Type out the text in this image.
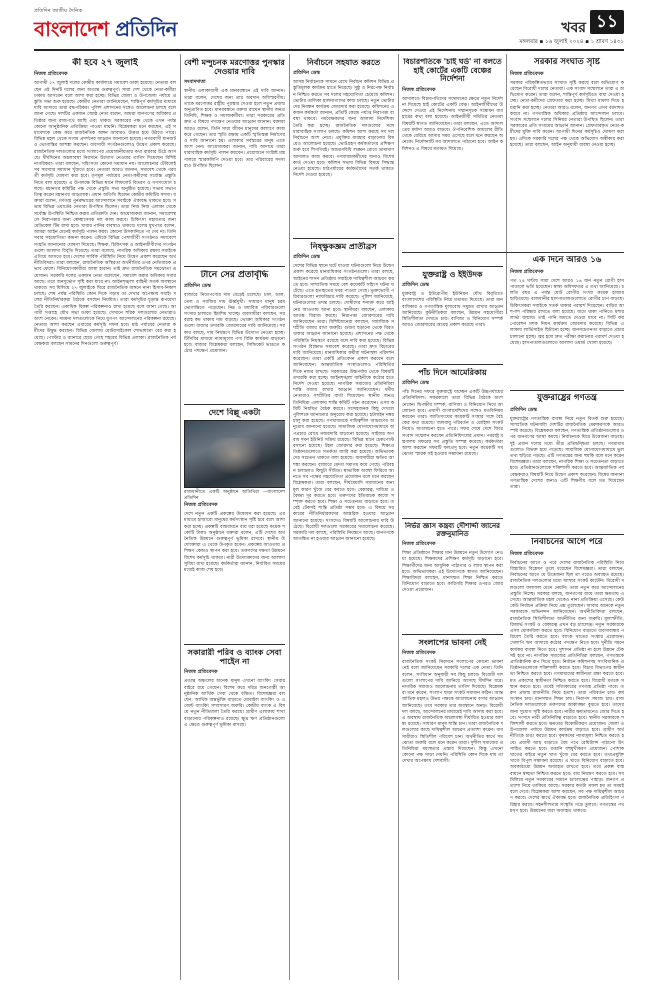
প্রতিদিন জাতীয় দৈনিক
বাংলাদেশ প্রতিদিন	খবর ১১
মঙ্গলবার ▪ ১৬ জুলাই ২০২৪ ▪ ১ শ্রাবণ ১৪৩১
কী হবে ২৭ জুলাই
নিজস্ব প্রতিবেদক

আগামী ২৭ জুলাই দলের কেন্দ্রীয় কার্যালয়ে সমাবেশ ডাকা হয়েছে। নেতারা বলছেন এই দিনটি দলের জন্য অত্যন্ত গুরুত্বপূর্ণ। সারা দেশ থেকে নেতা-কর্মীরা ঢাকায় আসবেন বলে আশা করা হচ্ছে। বিভিন্ন জেলা ও উপজেলা পর্যায়ে প্রস্তুতি সভা শুরু হয়েছে। কেন্দ্রীয় নেতারা জানিয়েছেন, শান্তিপূর্ণ কর্মসূচির মাধ্যমে দাবি আদায়ে তারা বদ্ধপরিকর। পুলিশ প্রশাসনের সঙ্গেও আলোচনা চলছে বলে জানা গেছে। দলটির একজন জ্যেষ্ঠ নেতা বলেন, আমরা জনগণের অধিকার প্রতিষ্ঠার জন্য রাজপথে আছি এবং থাকব। সরকারের পক্ষ থেকে এখন পর্যন্ত কোনো আনুষ্ঠানিক প্রতিক্রিয়া পাওয়া যায়নি। বিশ্লেষকরা মনে করছেন, এই সমাবেশকে কেন্দ্র করে রাজনৈতিক অঙ্গন আবারও উত্তপ্ত হয়ে উঠতে পারে। বিভিন্ন মহল থেকে সংযম প্রদর্শনের আহ্বান জানানো হয়েছে। নগরবাসী যানজট ও ভোগান্তির আশঙ্কা করছেন। ব্যবসায়ী সংগঠনগুলোও উদ্বেগ প্রকাশ করেছে। রাজনৈতিক দলগুলোর মধ্যে সংলাপের প্রয়োজনীয়তার কথা বারবার উঠে আসছে। দীর্ঘদিনের অচলাবস্থা নিরসনে উদ্যোগ নেওয়ার তাগিদ দিয়েছেন বিশিষ্ট নাগরিকরা। তারা বলছেন, সহিংসতা কোনো সমাধান নয়। আলোচনার টেবিলেই সব সমস্যার সমাধান খুঁজতে হবে। নেতারা আরও জানান, সমাবেশ থেকে পরবর্তী কর্মসূচি ঘোষণা করা হবে। তৃণমূল পর্যায়ের নেতা-কর্মীদের সর্বোচ্চ প্রস্তুতি নিতে বলা হয়েছে। এ উপলক্ষে বিভিন্ন স্থানে লিফলেট বিতরণ ও গণসংযোগ চলছে। মহানগর কমিটির পক্ষ থেকে প্রস্তুতি সভা অনুষ্ঠিত হয়েছে। সভায় সভাপতিত্ব করেন মহানগর আহ্বায়ক। প্রধান অতিথি ছিলেন কেন্দ্রীয় কমিটির সদস্য। বক্তারা বলেন, গণতন্ত্র পুনরুদ্ধারের আন্দোলনে সবাইকে ঐক্যবদ্ধ থাকতে হবে। সভায় বিভিন্ন ওয়ার্ডের নেতারা উপস্থিত ছিলেন। তারা নিজ নিজ এলাকা থেকে সর্বোচ্চ উপস্থিতি নিশ্চিত করার প্রতিশ্রুতি দেন। আয়োজকরা জানান, সমাবেশস্থলে নিরাপত্তার জন্য স্বেচ্ছাসেবক দল কাজ করবে। চিকিৎসা সহায়তার জন্য মেডিকেল টিম রাখা হবে। খাবার পানির ব্যবস্থাও থাকবে। দলের মুখপাত্র বলেন, আমরা আইন মেনেই কর্মসূচি পালন করব। কোনো উসকানিতে পা দেব না। তিনি সবার সহযোগিতা কামনা করেন। এদিকে বিভিন্ন পেশাজীবী সংগঠনও সমাবেশে সংহতি জানানোর ঘোষণা দিয়েছে। শিক্ষক, চিকিৎসক ও আইনজীবীদের সংগঠনগুলো আলাদা বিবৃতি দিয়েছে। তারা বলেছে, নাগরিক অধিকার রক্ষায় সবাইকে এগিয়ে আসতে হবে। দেশের সার্বিক পরিস্থিতি নিয়ে উদ্বেগ প্রকাশ করেছেন অর্থনীতিবিদরা। তারা বলছেন, রাজনৈতিক অস্থিরতা অর্থনীতির ওপর নেতিবাচক প্রভাব ফেলে। বিনিয়োগকারীরা আস্থা হারান। তাই দ্রুত রাজনৈতিক সমঝোতা প্রয়োজন। সরকারি দলের একজন নেতা বলেছেন, সমাবেশ করার অধিকার সবার আছে। তবে জনদুর্ভোগ সৃষ্টি করা যাবে না। আইনশৃঙ্খলা বাহিনী সতর্ক অবস্থানে থাকবে। সব মিলিয়ে ২৭ জুলাইকে ঘিরে রাজনৈতিক অঙ্গনে নানা হিসাব-নিকাশ চলছে। শেষ পর্যন্ত পরিস্থিতি কোন দিকে গড়ায় তা দেখার অপেক্ষায় সবাই। দলের নীতিনির্ধারকরা বৈঠকে বসছেন নিয়মিত। তারা কর্মসূচির চূড়ান্ত রূপরেখা তৈরি করছেন। একাধিক বিকল্প পরিকল্পনাও রাখা হয়েছে বলে জানা গেছে। আগামী সপ্তাহে যৌথ সভা ডাকা হয়েছে। সেখানে শরিক দলগুলোর নেতারাও অংশ নেবেন। সমমনা দলগুলোকে নিয়ে যুগপৎ আন্দোলনের পরিকল্পনা রয়েছে। নেতারা আশা করছেন এবারের কর্মসূচি সফল হবে। মাঠ পর্যায়ের নেতারা কর্মীদের উদ্বুদ্ধ করছেন। বিভিন্ন জেলায় মোটরসাইকেল শোভাযাত্রা বের করা হয়েছে। পোস্টার ও ব্যানারে ছেয়ে গেছে শহরের বিভিন্ন এলাকা। রাজনৈতিক পর্যবেক্ষকরা বলছেন সামনের দিনগুলো গুরুত্বপূর্ণ।

বেশী মন্দুচনক মরণোত্তর পুনস্কার দেওয়ার দাবি
সংবাদদাতা

স্থানীয় এলাকাবাসী এক মানববন্ধনে এই দাবি জানান। তারা বলেন, দেশের জন্য তার অবদান অবিস্মরণীয়। তাকে মরণোত্তর রাষ্ট্রীয় পুরস্কার দেওয়া হলে নতুন প্রজন্ম অনুপ্রাণিত হবে। মানববন্ধনে বক্তব্য রাখেন স্থানীয় জনপ্রতিনিধি, শিক্ষক ও সমাজকর্মীরা। তারা সরকারের প্রতি দ্রুত এ বিষয়ে পদক্ষেপ নেওয়ার আহ্বান জানান। বক্তারা আরও বলেন, তিনি সারা জীবন মানুষের কল্যাণে কাজ করে গেছেন। তার স্মৃতি রক্ষায় একটি স্মৃতিস্তম্ভ নির্মাণেরও দাবি জানানো হয়। এলাকার সর্বস্তরের মানুষ এতে অংশ নেন। আয়োজকরা জানান, দাবি আদায়ে তারা ধারাবাহিক কর্মসূচি পালন করবেন। প্রয়োজনে সংশ্লিষ্ট মন্ত্রণালয়ে স্মারকলিপি দেওয়া হবে। তার পরিবারের সদস্যরাও উপস্থিত ছিলেন।

টানে সের প্রতাৰ্বৃদ্ধি
প্রতিদিন ডেস্ক

বাজারে নিত্যপণ্যের দাম বেড়েই চলেছে। চাল, ডাল, তেল ও সবজির দাম ঊর্ধ্বমুখী। সাধারণ মানুষ চরম ভোগান্তিতে পড়েছেন। নিম্ন ও মধ্যবিত্ত পরিবারগুলো সংসার চালাতে হিমশিম খাচ্ছে। ব্যবসায়ীরা বলছেন, সরবরাহ কম থাকায় দাম বাড়ছে। ভোক্তা অধিকার সংগঠনগুলো বাজার তদারকি জোরদারের দাবি জানিয়েছে। সরকার বলছে, দাম নিয়ন্ত্রণে বিভিন্ন উদ্যোগ নেওয়া হচ্ছে। টিসিবির মাধ্যমে ন্যায্যমূল্যে পণ্য বিক্রি কার্যক্রম বাড়ানো হবে। বাজার বিশ্লেষকরা বলছেন, সিন্ডিকেট ভাঙতে কঠোর পদক্ষেপ প্রয়োজন।

দেশে বিল্লূ একটা
রাজধানীতে একটি অনুষ্ঠানে অতিথিরা —বাংলাদেশ প্রতিদিন
নিজস্ব প্রতিবেদক

দেশে নতুন একটি প্রকল্পের উদ্বোধন করা হয়েছে। এর মাধ্যমে হাজারো মানুষের কর্মসংস্থান সৃষ্টি হবে বলে আশা করা হচ্ছে। প্রকল্পটি বাস্তবায়নে ব্যয় ধরা হয়েছে কয়েক শ কোটি টাকা। অনুষ্ঠানে বক্তারা বলেন, এটি দেশের অর্থনৈতিক উন্নয়নে গুরুত্বপূর্ণ ভূমিকা রাখবে। স্থানীয় উদ্যোক্তারা এ থেকে উপকৃত হবেন। প্রকল্পের আওতায় প্রশিক্ষণ কেন্দ্রও স্থাপন করা হবে। তরুণদের দক্ষতা উন্নয়নে বিশেষ কর্মসূচি থাকবে। নারী উদ্যোক্তাদের জন্য আলাদা সুবিধা রাখা হয়েছে। কর্মকর্তারা জানান, নির্ধারিত সময়ের মধ্যেই কাজ শেষ হবে।

সকারারী পরিব ও ব্যাংক সেবা পাইেন না
নিজস্ব প্রতিবেদক

প্রত্যন্ত অঞ্চলের অনেক মানুষ এখনো ব্যাংকিং সেবার বাইরে রয়ে গেছেন। বিশেষ করে দরিদ্র জনগোষ্ঠী আনুষ্ঠানিক আর্থিক সেবা থেকে বঞ্চিত। বিশেষজ্ঞরা বলছেন, আর্থিক অন্তর্ভুক্তি বাড়াতে মোবাইল ব্যাংকিং ও এজেন্ট ব্যাংকিং সম্প্রসারণ জরুরি। কেন্দ্রীয় ব্যাংক এ বিষয়ে নতুন নীতিমালা তৈরি করছে। গ্রামীণ এলাকায় শাখা বাড়ানোর পরিকল্পনাও রয়েছে। ক্ষুদ্র ঋণ প্রতিষ্ঠানগুলো এ ক্ষেত্রে গুরুত্বপূর্ণ ভূমিকা রাখছে।

নির্বাচনে সহযাত করতে
প্রতিদিন ডেস্ক

আসন্ন নির্বাচনকে সামনে রেখে নির্বাচন কমিশন বিভিন্ন প্রস্তুতিমূলক কার্যক্রম হাতে নিয়েছে। সুষ্ঠু ও নিরপেক্ষ নির্বাচন নিশ্চিত করতে সব দলের সহযোগিতা চেয়েছে কমিশন। ভোটার তালিকা হালনাগাদের কাজ চলছে। নতুন ভোটারদের নিবন্ধন কার্যক্রম জোরদার করা হয়েছে। কমিশনের একজন কর্মকর্তা জানান, প্রতিটি কেন্দ্রে পর্যাপ্ত নিরাপত্তা ব্যবস্থা থাকবে। পর্যবেক্ষকদের জন্য আলাদা নির্দেশিকা তৈরি করা হচ্ছে। রাজনৈতিক দলগুলোর সঙ্গে ধারাবাহিক সংলাপ চলছে। কমিশন আশা করছে সব দল নির্বাচনে অংশ নেবে। প্রযুক্তির ব্যবহার বাড়ানোর বিষয়েও আলোচনা হয়েছে। ভোটগ্রহণ কর্মকর্তাদের প্রশিক্ষণ শুরু হবে শিগগিরই। আচরণবিধি লঙ্ঘন রোধে ভ্রাম্যমাণ আদালত কাজ করবে। গণমাধ্যমকর্মীদের জন্যও বিশেষ কার্ড দেওয়া হবে। কমিশন সভায় বিভিন্ন বিষয়ে সিদ্ধান্ত নেওয়া হয়েছে। মাঠপর্যায়ের কর্মকর্তাদের সতর্ক থাকতে নির্দেশ দেওয়া হয়েছে।

নিষ্ক্ষুকজ্ঞম প্রাতীব্রস
প্রতিদিন ডেস্ক

দেশের বিভিন্ন স্থানে ঘটে যাওয়া ঘটনাগুলো নিয়ে উদ্বেগ প্রকাশ করেছে মানবাধিকার সংগঠনগুলো। তারা বলছে, আইনের শাসন প্রতিষ্ঠায় সবাইকে দায়িত্বশীল আচরণ করতে হবে। সাম্প্রতিক সময়ে বেশ কয়েকটি সহিংস ঘটনা ঘটেছে। এতে হতাহতের খবর পাওয়া গেছে। ভুক্তভোগী পরিবারগুলো ন্যায়বিচার দাবি করেছে। পুলিশ জানিয়েছে, ঘটনাগুলোর তদন্ত চলছে। দোষীদের শনাক্ত করে আইনের আওতায় আনা হবে। স্থানীয়রা বলছেন, এলাকায় আতঙ্ক বিরাজ করছে। নিরাপত্তা জোরদারের দাবি জানিয়েছেন তারা। বিশিষ্টজনেরা বলছেন, সামাজিক সম্প্রীতি বজায় রাখা জরুরি। গুজব ছড়ানো থেকে বিরত থাকার আহ্বান জানানো হয়েছে। প্রশাসনের পক্ষ থেকে পরিস্থিতি নিয়ন্ত্রণে রয়েছে বলে দাবি করা হয়েছে। বিভিন্ন সংগঠন বিক্ষোভ সমাবেশ করেছে। তারা দ্রুত বিচারের দাবি জানিয়েছে। মানবাধিকার কর্মীরা ঘটনাস্থল পরিদর্শন করেছেন। তারা একটি প্রতিবেদন প্রকাশ করবেন বলে জানিয়েছেন। আন্তর্জাতিক সংস্থাগুলোও পরিস্থিতির দিকে নজর রাখছে। সরকারের উচ্চপর্যায় থেকে বিষয়টি তদারকি করা হচ্ছে। আইনশৃঙ্খলা বাহিনীকে কঠোর হতে নির্দেশ দেওয়া হয়েছে। নাগরিক সমাজের প্রতিনিধিরা শান্তি বজায় রাখার আহ্বান জানিয়েছেন। ধর্মীয় নেতারাও সম্প্রীতির বার্তা দিয়েছেন। স্থানীয় জনপ্রতিনিধিরা এলাকায় শান্তি কমিটি গঠন করেছেন। এসব কমিটি নিয়মিত বৈঠক করবে। সন্দেহজনক কিছু দেখলে পুলিশকে জানানোর অনুরোধ করা হয়েছে। হটলাইন নম্বর চালু করা হয়েছে। গণমাধ্যমকে দায়িত্বশীল আচরণের অনুরোধ জানানো হয়েছে। সামাজিক যোগাযোগমাধ্যমে অপপ্রচার রোধে নজরদারি বাড়ানো হয়েছে। সাইবার অপরাধ দমন ইউনিট সক্রিয় রয়েছে। বিভিন্ন স্থানে চেকপোস্ট বসানো হয়েছে। টহল জোরদার করা হয়েছে। শিক্ষাপ্রতিষ্ঠানগুলোতে সতর্কতা জারি করা হয়েছে। অভিভাবকদের সচেতন থাকতে বলা হয়েছে। ব্যবসায়ীরা ক্ষতির আশঙ্কা করছেন। বাজারে ক্রেতা সমাগম কমে গেছে। পরিবহন চলাচলও কিছুটা সীমিত। স্বাভাবিক অবস্থা ফিরিয়ে আনতে সব পক্ষের সহযোগিতা প্রয়োজন বলে মনে করছেন বিশ্লেষকরা। তারা বলছেন, দীর্ঘমেয়াদি সমাধানের জন্য মূল কারণ খুঁজে বের করতে হবে। বেকারত্ব, দারিদ্র্য ও বৈষম্য দূর করতে হবে। তরুণদের ইতিবাচক কাজে সম্পৃক্ত করতে হবে। শিক্ষা ও সচেতনতা বাড়াতে হবে। তবেই টেকসই শান্তি প্রতিষ্ঠা সম্ভব হবে। এ বিষয়ে সরকারের নীতিনির্ধারকদের আন্তরিক হওয়ার আহ্বান জানানো হয়েছে। সংসদেও বিষয়টি আলোচনার দাবি উঠেছে। বিরোধী দলগুলো সরকারের সমালোচনা করেছে। সরকারি দল বলছে, পরিস্থিতি নিয়ন্ত্রণে আছে। জনগণকে আতঙ্কিত না হওয়ার আহ্বান জানানো হয়েছে।

বিচারপতিকে 'চাই ঘর্ড' না বলতে হাই কোর্টের একটি বেঞ্চের নির্দেশনা
নিজস্ব প্রতিবেদক

আদালতে বিচারপতিদের সম্বোধনের ক্ষেত্রে নতুন নির্দেশনা দিয়েছে হাই কোর্টের একটি বেঞ্চ। আইনজীবীদের উদ্দেশে দেওয়া এই নির্দেশনায় সম্মানসূচক সম্বোধন ব্যবহারের কথা বলা হয়েছে। আইনজীবী সমিতির নেতারা বিষয়টি স্বাগত জানিয়েছেন। তারা বলছেন, এতে আদালতের মর্যাদা আরও বাড়বে। ঔপনিবেশিক আমলের রীতি থেকে বেরিয়ে আসার সময় এসেছে বলে মনে করছেন অনেকে। নির্দেশনাটি সব আদালতে পাঠানো হবে। আইন কমিশনও এ বিষয়ে মতামত দিয়েছে।

যুক্তরাষ্ট্র ও ইইউদক
প্রতিদিন ডেস্ক

যুক্তরাষ্ট্র ও ইউরোপীয় ইউনিয়ন যৌথ বিবৃতিতে বাংলাদেশের পরিস্থিতি নিয়ে মতামত দিয়েছে। তারা মানবাধিকার ও গণতান্ত্রিক মূল্যবোধ সমুন্নত রাখার আহ্বান জানিয়েছে। কূটনীতিকরা বলছেন, উন্নয়ন সহযোগীরা স্থিতিশীলতা দেখতে চায়। বাণিজ্য ও বিনিয়োগ সম্পর্ক আরও জোরদারের আগ্রহ প্রকাশ করেছে তারা।

পাঁচ দিনে আমেরিকায়
প্রতিদিন ডেস্ক

পাঁচ দিনের সফরে যুক্তরাষ্ট্রে যাচ্ছেন একটি উচ্চপর্যায়ের প্রতিনিধিদল। সফরকালে তারা বিভিন্ন বৈঠকে অংশ নেবেন। দ্বিপক্ষীয় সম্পর্ক, বাণিজ্য ও বিনিয়োগ নিয়ে আলোচনা হবে। প্রবাসী বাংলাদেশিদের সঙ্গেও মতবিনিময় করবেন তারা। জাতিসংঘের কয়েকটি সংস্থার সঙ্গে বৈঠকের কথা রয়েছে। জলবায়ু পরিবর্তন ও রোহিঙ্গা সংকট নিয়েও আলোচনা হতে পারে। সফর শেষে দেশে ফিরে সংবাদ সম্মেলন করবেন প্রতিনিধিদলের প্রধান। পররাষ্ট্র মন্ত্রণালয় সফরের সব প্রস্তুতি সম্পন্ন করেছে। কর্মকর্তারা আশা করছেন সফরটি ফলপ্রসূ হবে। নতুন কয়েকটি সমঝোতা স্মারক সই হওয়ার সম্ভাবনা রয়েছে।

নির্ভর জ্ঞাস কন্ত্রব্য দৌশার্দ্দা জানের রক্তনুমানিত
নিজস্ব প্রতিবেদক

শিক্ষা প্রতিষ্ঠানে শিক্ষার মান উন্নয়নে নতুন উদ্যোগ নেওয়া হয়েছে। শিক্ষকদের প্রশিক্ষণ কর্মসূচি বাড়ানো হবে। শিক্ষার্থীদের জন্য আধুনিক পাঠাগার ও ল্যাব স্থাপন করা হবে। অভিভাবকরা এই উদ্যোগকে স্বাগত জানিয়েছেন। শিক্ষাবিদরা বলছেন, মানসম্মত শিক্ষা নিশ্চিত করতে বিনিয়োগ বাড়াতে হবে। কারিগরি শিক্ষার ওপরও জোর দেওয়া প্রয়োজন।

সংলাপের ভাবনা নেই
নিজস্ব প্রতিবেদক

রাজনৈতিক সংকট নিরসনে সংলাপের কোনো ভাবনা নেই বলে জানিয়েছেন সরকারি দলের এক নেতা। তিনি বলেন, সংবিধান অনুযায়ী সব কিছু চলবে। বিরোধী দলগুলো সংলাপের দাবি জানিয়ে আসছে দীর্ঘদিন ধরে। নাগরিক সমাজও আলোচনার তাগিদ দিয়েছে। বিশ্লেষকরা মনে করেন, সংলাপ ছাড়া সংকট সমাধান কঠিন। আন্তর্জাতিক মহলও উভয় পক্ষকে আলোচনায় বসার আহ্বান জানিয়েছে। তবে সরকার তার অবস্থানে অনড়। বিরোধী দল বলছে, আন্দোলনের মাধ্যমেই দাবি আদায় করা হবে। এ অবস্থায় রাজনৈতিক অচলাবস্থা দীর্ঘায়িত হওয়ার আশঙ্কা রয়েছে। সাধারণ মানুষ শান্তি চান। তারা রাজনৈতিক দলগুলোর কাছে দায়িত্বশীল আচরণ প্রত্যাশা করেন। ব্যবসায়ীরাও স্থিতিশীল পরিবেশ চান। অর্থনীতির স্বার্থে সমঝোতা জরুরি বলে মনে করেন তারা। সুশীল সমাজের প্রতিনিধিরা মধ্যস্থতার প্রস্তাব দিয়েছেন। কিন্তু এখনো কোনো পক্ষ সাড়া দেয়নি। পরিস্থিতি কোন দিকে যায় তা দেখার অপেক্ষায় দেশবাসী।

সরকার সংঘাত সৃষ্টি
নিজস্ব প্রতিবেদক

সরকার পরিকল্পিতভাবে সংঘাত সৃষ্টি করছে বলে অভিযোগ করেছেন বিরোধী দলের নেতারা। এক সংবাদ সম্মেলনে তারা এ অভিযোগ করেন। তারা বলেন, শান্তিপূর্ণ কর্মসূচিতে বাধা দেওয়া হচ্ছে। নেতা-কর্মীদের গ্রেফতার করা হচ্ছে। মিথ্যা মামলা দিয়ে হয়রানি করা হচ্ছে। নেতারা আরও বলেন, জনগণ এসব বরদাশত করবে না। গণতান্ত্রিক অধিকার প্রতিষ্ঠায় আন্দোলন চলবে। সংবাদ সম্মেলনে দলের সিনিয়র নেতারা উপস্থিত ছিলেন। তারা সরকারের প্রতি সংযমের আহ্বান জানান। গ্রেফতারকৃত নেতা-কর্মীদের মুক্তি দাবি করেন। আগামী দিনের কর্মসূচিও ঘোষণা করা হয়। এদিকে সরকারি দলের পক্ষ থেকে অভিযোগ অস্বীকার করা হয়েছে। তারা বলছেন, আইন অনুযায়ী ব্যবস্থা নেওয়া হচ্ছে।

এক দিনে আরও ১৬
নিজস্ব প্রতিবেদক

গত ২৪ ঘণ্টায় সারা দেশে আরও ১৬ জন নতুন রোগী হাসপাতালে ভর্তি হয়েছেন। স্বাস্থ্য অধিদফতর এ তথ্য জানিয়েছে। চলতি বছর এ পর্যন্ত মোট রোগীর সংখ্যা কয়েক হাজার ছাড়িয়েছে। রাজধানীর হাসপাতালগুলোতে রোগীর চাপ বাড়ছে। চিকিৎসকরা সবাইকে সতর্ক থাকার পরামর্শ দিয়েছেন। বাড়ির আশপাশ পরিষ্কার রাখতে বলা হয়েছে। জমে থাকা পানিতে মশার লার্ভা জন্মায়। তাই পানি জমতে দেওয়া যাবে না। সিটি করপোরেশন মশক নিধন কার্যক্রম জোরদার করেছে। বিভিন্ন এলাকায় লার্ভিসাইড ছিটানো হচ্ছে। জনসচেতনতা বাড়াতে প্রচার চালানো হচ্ছে। জ্বর হলে দ্রুত পরীক্ষা করানোর পরামর্শ দেওয়া হয়েছে। হাসপাতালগুলোতে আলাদা ওয়ার্ড খোলা হয়েছে।

যুক্তরাষ্ট্রের গণতন্ত্র
প্রতিদিন ডেস্ক

যুক্তরাষ্ট্রের গণতান্ত্রিক ব্যবস্থা নিয়ে নতুন বিতর্ক শুরু হয়েছে। সাম্প্রতিক ঘটনাবলি দেশটির রাজনৈতিক মেরুকরণকে আরও স্পষ্ট করেছে। বিশ্লেষকরা বলছেন, গণতান্ত্রিক প্রতিষ্ঠানগুলোর ওপর জনগণের আস্থা কমছে। নির্বাচনকে ঘিরে উত্তেজনা বাড়ছে। দুই প্রধান দলের মধ্যে তীব্র প্রতিদ্বন্দ্বিতা চলছে। গণমাধ্যমগুলোও বিভক্ত হয়ে পড়েছে। সামাজিক যোগাযোগমাধ্যমে ভুল তথ্য ছড়িয়ে পড়ছে। এটি গণতন্ত্রের জন্য হুমকি বলে মনে করেন বিশেষজ্ঞরা। তারা বলছেন, নাগরিক শিক্ষা ও সচেতনতা বাড়াতে হবে। প্রতিষ্ঠানগুলোকে শক্তিশালী করতে হবে। আন্তর্জাতিক পর্যবেক্ষকরাও বিষয়টি নিয়ে উদ্বেগ প্রকাশ করেছেন। বিশ্বের অন্যান্য গণতান্ত্রিক দেশের জন্যও এটি শিক্ষণীয় বলে মত দিয়েছেন তারা।

নির্বাচনের আগে পরে
নিজস্ব প্রতিবেদক

নির্বাচনের আগে ও পরে দেশের রাজনৈতিক পরিস্থিতি নিয়ে বিস্তারিত বিশ্লেষণ তুলে ধরেছেন বিশেষজ্ঞরা। তারা বলছেন, নির্বাচনের আগে যে উত্তেজনা ছিল তা পরেও অব্যাহত রয়েছে। রাজনৈতিক দলগুলোর মধ্যে আস্থার সংকট কাটেনি। বিরোধী দলগুলো ফলাফল মেনে নেয়নি। তারা নতুন করে আন্দোলনের প্রস্তুতি নিচ্ছে। সরকার বলছে, জনগণের রায়ে তারা ক্ষমতায় এসেছে। আন্তর্জাতিক মহল থেকেও নানা প্রতিক্রিয়া এসেছে। কেউ কেউ নির্বাচন প্রক্রিয়া নিয়ে প্রশ্ন তুলেছেন। আবার অনেকে নতুন সরকারকে অভিনন্দন জানিয়েছেন। অর্থনীতিবিদরা বলছেন, রাজনৈতিক স্থিতিশীলতা অর্থনীতির জন্য জরুরি। মূল্যস্ফীতি, রিজার্ভ সংকট ও বেকারত্ব এখন বড় চ্যালেঞ্জ। নতুন সরকারকে এসব মোকাবিলা করতে হবে। বিনিয়োগ বাড়াতে ব্যবসাবান্ধব পরিবেশ তৈরি করতে হবে। ব্যাংক খাতের সংস্কার প্রয়োজন। খেলাপি ঋণ আদায়ে কঠোর পদক্ষেপ নিতে হবে। দুর্নীতি দমনে কার্যকর ব্যবস্থা নিতে হবে। সুশাসন প্রতিষ্ঠা না হলে উন্নয়ন টেকসই হবে না। নাগরিক সমাজের প্রতিনিধিরা বলছেন, গণতন্ত্রকে প্রাতিষ্ঠানিক রূপ দিতে হবে। নির্বাচন কমিশনসহ সাংবিধানিক প্রতিষ্ঠানগুলোকে শক্তিশালী করতে হবে। বিচার বিভাগের স্বাধীনতা নিশ্চিত করতে হবে। গণমাধ্যমের স্বাধীনতা রক্ষা করতে হবে। মত প্রকাশের স্বাধীনতা নিশ্চিত করতে হবে। বিরোধী মতকে সম্মান করতে হবে। তবেই সত্যিকারের গণতন্ত্র প্রতিষ্ঠা পাবে। তরুণ প্রজন্ম রাজনীতি নিয়ে হতাশ। তারা পরিবর্তন চায়। কর্মসংস্থান চায়। মানসম্মত শিক্ষা চায়। নিরাপদ সমাজ চায়। রাজনৈতিক দলগুলোকে তরুণদের আকাঙ্ক্ষা বুঝতে হবে। তাদের জন্য সুযোগ সৃষ্টি করতে হবে। নারীর ক্ষমতায়নেও জোর দিতে হবে। সংসদে নারী প্রতিনিধিত্ব বাড়াতে হবে। স্থানীয় সরকারকে শক্তিশালী করতে হবে। ক্ষমতার বিকেন্দ্রীকরণ প্রয়োজন। জেলা ও উপজেলা পর্যায়ে উন্নয়ন কার্যক্রম বাড়াতে হবে। গ্রামীণ অর্থনীতিকে চাঙা করতে হবে। কৃষকদের ন্যায্যমূল্য নিশ্চিত করতে হবে। প্রবাসী আয় বাড়াতে বৈধ পথে রেমিট্যান্স পাঠানো উৎসাহিত করতে হবে। রপ্তানি বহুমুখীকরণ প্রয়োজন। পোশাক খাতের বাইরে নতুন খাত খুঁজে বের করতে হবে। তথ্যপ্রযুক্তি খাতে বিপুল সম্ভাবনা রয়েছে। এ খাতে বিনিয়োগ বাড়াতে হবে। অবকাঠামো উন্নয়ন অব্যাহত রাখতে হবে। তবে প্রকল্প বাস্তবায়নে স্বচ্ছতা নিশ্চিত করতে হবে। ব্যয় নিয়ন্ত্রণ করতে হবে। সব মিলিয়ে নতুন সরকারের সামনে চ্যালেঞ্জের পাহাড়। জনগণ প্রত্যাশা নিয়ে তাকিয়ে আছে। সরকার কতটা সফল হয় তা সময়ই বলে দেবে। বিশ্লেষকরা আশা করছেন, সব পক্ষ দায়িত্বশীল আচরণ করবে। দেশের স্বার্থে ঐক্যবদ্ধ হবে। রাজনৈতিক প্রতিহিংসা পরিহার করবে। সহনশীলতার সংস্কৃতি গড়ে তুলবে। গণতন্ত্রের পথ মসৃণ হবে। উন্নয়নের ধারা অব্যাহত থাকবে।
